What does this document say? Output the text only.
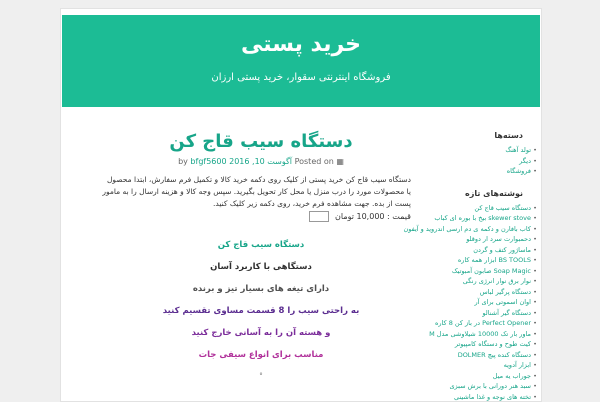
خرید پستی
فروشگاه اینترنتی سقوار، خرید پستی ارزان
دستگاه سیب قاج کن
by bfgf5600 آگوست 10, 2016 Posted on ▦
دستگاه سیب قاج کن خرید پستی از کلیک روی دکمه خرید کالا و تکمیل فرم سفارش، ابتدا محصول یا محصولات مورد را درب منزل یا محل کار تحویل بگیرید. سپس وجه کالا و هزینه ارسال را به مامور پست از بده. جهت مشاهده فرم خرید، روی دکمه زیر کلیک کنید.
قیمت : 10,000 تومان
دستگاه سیب قاج کن
دستگاهی با کاربرد آسان
دارای تیغه های بسیار تیز و برنده
به راحتی سیب را 8 قسمت مساوی تقسیم کنید
و هسته آن را به آسانی خارج کنید
مناسب برای انواع سیفی جات
°
دسته‌ها
• تولد آهنگ
• دیگر
• فروشگاه
نوشته‌های تازه
• دستگاه سیب قاج کن
• skewer stove بیخ با بوره ای کباب
• کاب بافارن و دکمه ی دم ارسی اندروید و آیفون
• دحمبوارت سرد ار دوقلو
• ماساژور کتف و گردن
• BS TOOLS ابزار همه کاره
• Soap Magic صابون آمبوتیک
• نوار برق نوار انرژی رنگی
• دستگاه پرگیر لباس
• اوان اسموتی برای آر
• دستگاه گیر آشنالو
• Perfect Opener در باز کن 8 کاره
• ماور بار تک 10000 شیلاوشی مدل M
• کیت طوح و دستگاه کامپیوتر
• دستگاه کنده پیچ DOLMER
• ابزار آدویه
• جوراب یه میل
• سبد هنر دورانی با برش سبزی
• تخته های نوجه و غذا ماشینی
